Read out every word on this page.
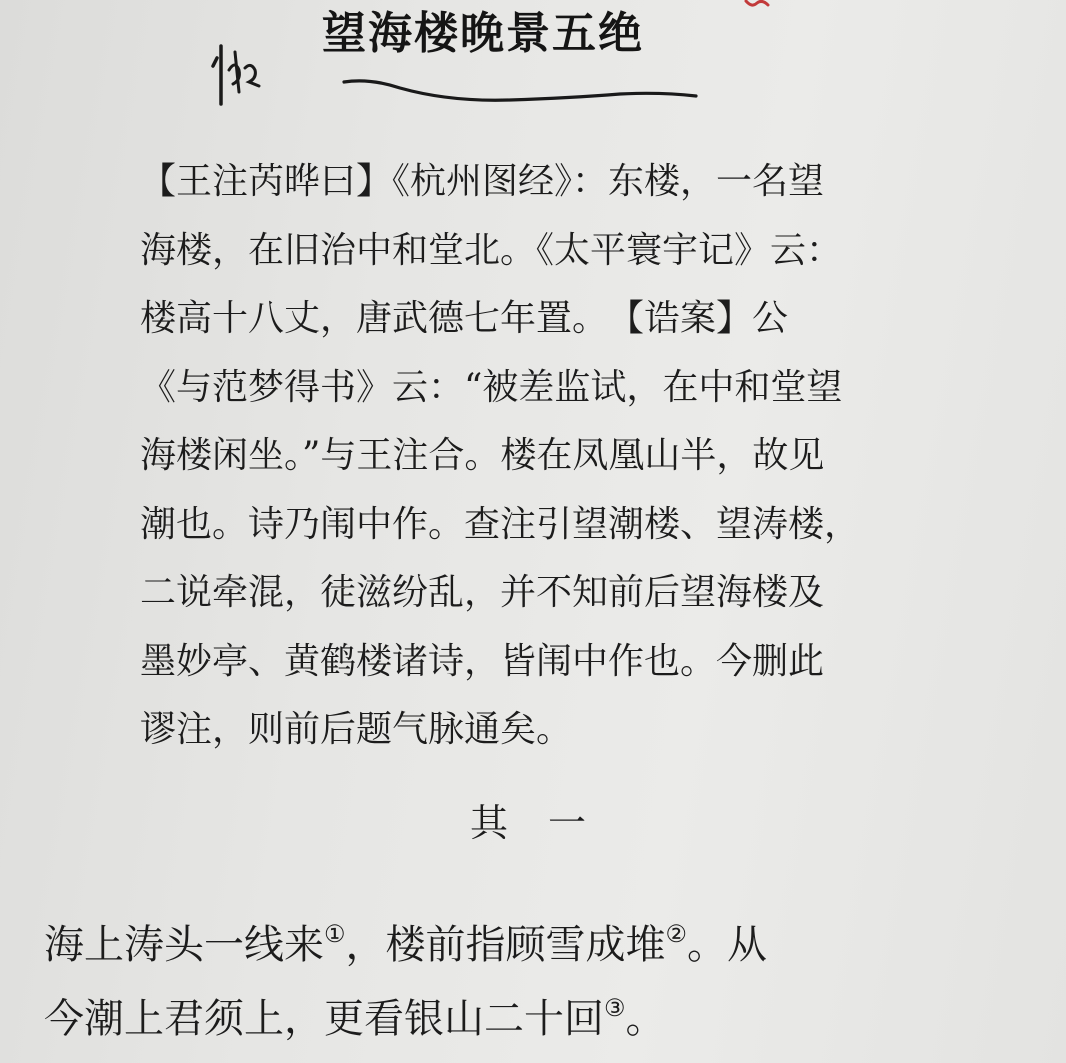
望海楼晚景五绝
【王注芮晔曰】《杭州图经》：东楼，一名望
海楼，在旧治中和堂北。《太平寰宇记》云：
楼高十八丈，唐武德七年置。　【诰案】公
《与范梦得书》云：“被差监试，在中和堂望
海楼闲坐。”与王注合。楼在凤凰山半，故见
潮也。诗乃闱中作。查注引望潮楼、望涛楼，
二说牵混，徒滋纷乱，并不知前后望海楼及
墨妙亭、黄鹤楼诸诗，皆闱中作也。今删此
谬注，则前后题气脉通矣。
其一
海上涛头一线来①，楼前指顾雪成堆②。从
今潮上君须上，更看银山二十回③。
